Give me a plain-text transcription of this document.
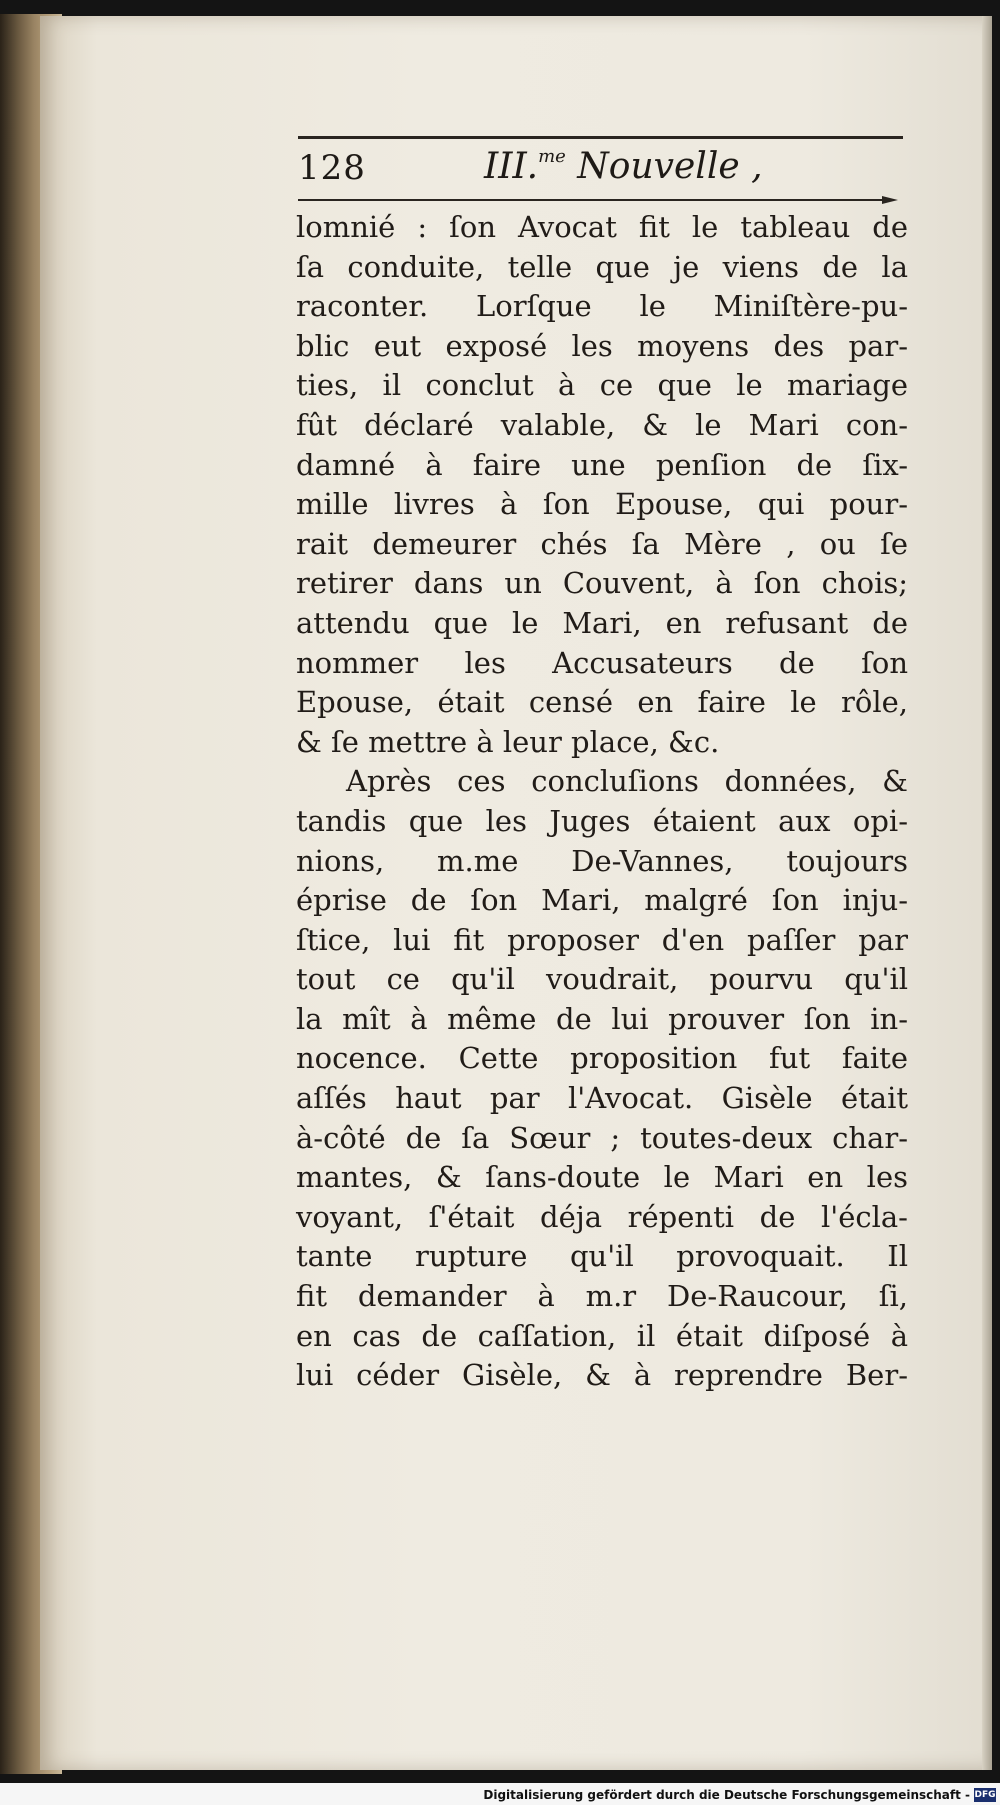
128	III.$^{me}$ Nouvelle ,
lomnié : ſon Avocat fit le tableau de
ſa conduite, telle que je viens de la
raconter. Lorſque le Miniſtère-pu-
blic eut exposé les moyens des par-
ties, il conclut à ce que le mariage
fût déclaré valable, & le Mari con-
damné à faire une penſion de ſix-
mille livres à ſon Epouse, qui pour-
rait demeurer chés ſa Mère , ou ſe
retirer dans un Couvent, à ſon chois;
attendu que le Mari, en refusant de
nommer les Accusateurs de ſon
Epouse, était censé en faire le rôle,
& ſe mettre à leur place, &c.
Après ces concluſions données, &
tandis que les Juges étaient aux opi-
nions, m.me De-Vannes, toujours
éprise de ſon Mari, malgré ſon inju-
ſtice, lui fit proposer d'en paſſer par
tout ce qu'il voudrait, pourvu qu'il
la mît à même de lui prouver ſon in-
nocence. Cette proposition fut faite
aſſés haut par l'Avocat. Gisèle était
à-côté de ſa Sœur ; toutes-deux char-
mantes, & ſans-doute le Mari en les
voyant, ſ'était déja répenti de l'écla-
tante rupture qu'il provoquait. Il
fit demander à m.r De-Raucour, ſi,
en cas de caſſation, il était diſposé à
lui céder Gisèle, & à reprendre Ber-
Digitalisierung gefördert durch die Deutsche Forschungsgemeinschaft - DFG
